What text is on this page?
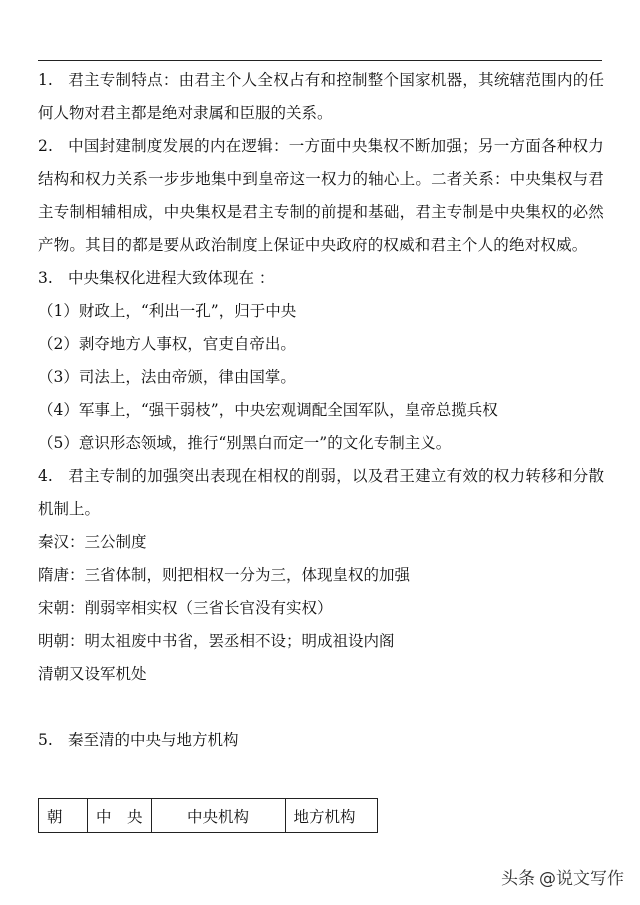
1. 君主专制特点：由君主个人全权占有和控制整个国家机器，其统辖范围内的任何人物对君主都是绝对隶属和臣服的关系。

2. 中国封建制度发展的内在逻辑：一方面中央集权不断加强；另一方面各种权力结构和权力关系一步步地集中到皇帝这一权力的轴心上。二者关系：中央集权与君主专制相辅相成，中央集权是君主专制的前提和基础，君主专制是中央集权的必然产物。其目的都是要从政治制度上保证中央政府的权威和君主个人的绝对权威。

3. 中央集权化进程大致体现在 ：

（1）财政上，“利出一孔”，归于中央

（2）剥夺地方人事权，官吏自帝出。

（3）司法上，法由帝颁，律由国掌。

（4）军事上，“强干弱枝”，中央宏观调配全国军队，皇帝总揽兵权

（5）意识形态领域，推行“别黑白而定一”的文化专制主义。

4. 君主专制的加强突出表现在相权的削弱，以及君王建立有效的权力转移和分散机制上。

秦汉：三公制度

隋唐：三省体制，则把相权一分为三，体现皇权的加强

宋朝：削弱宰相实权（三省长官没有实权）

明朝：明太祖废中书省，罢丞相不设；明成祖设内阁

清朝又设军机处

5. 秦至清的中央与地方机构

朝	中　央	中央机构	地方机构
头条 @说文写作
